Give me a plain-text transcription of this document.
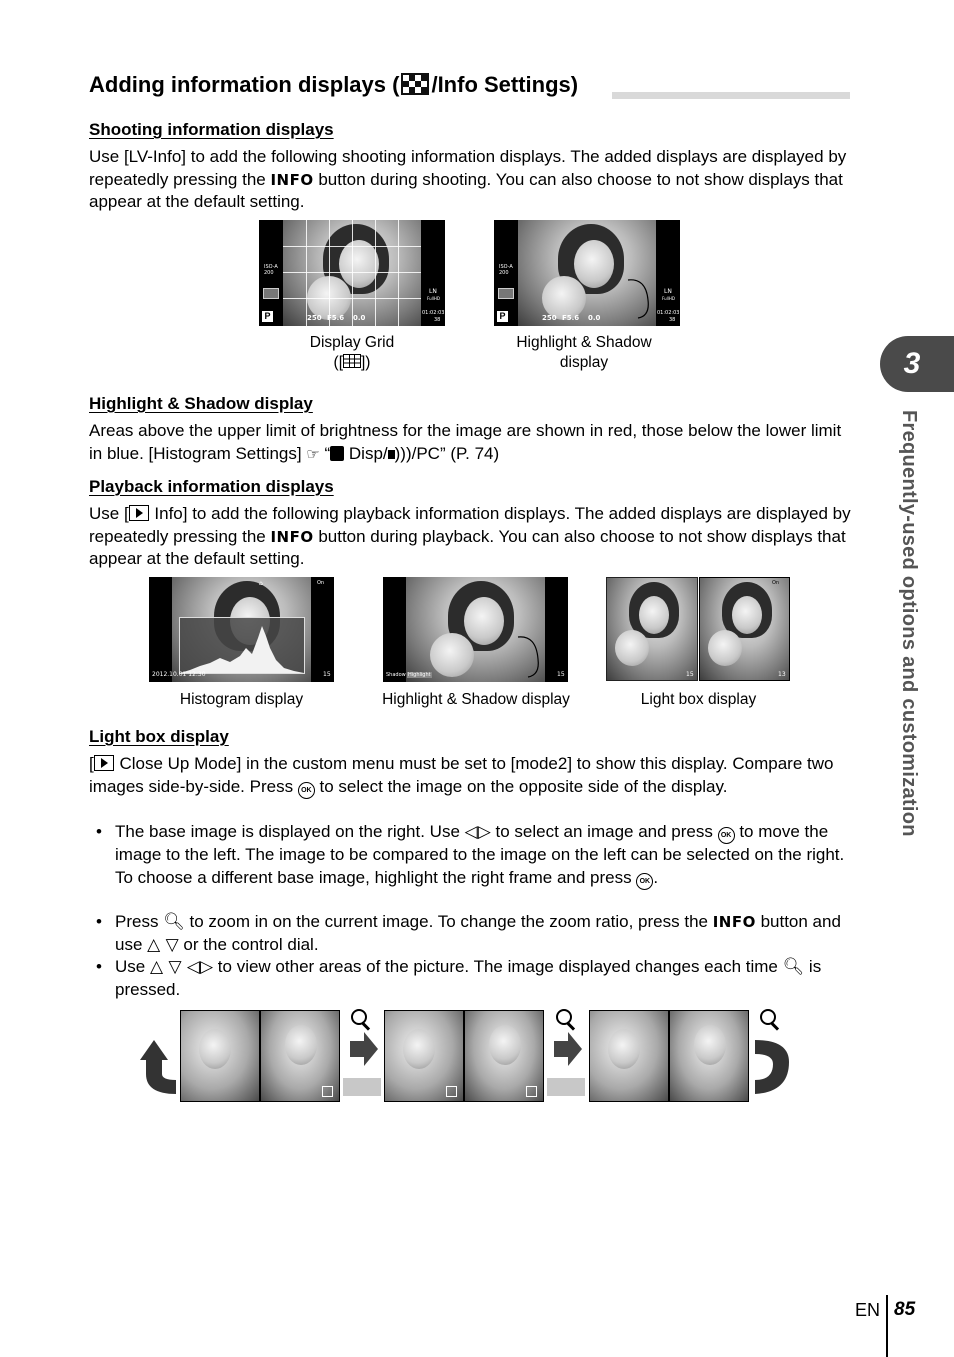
Adding information displays ( /Info Settings)
3
Frequently-used options and customization
Shooting information displays
Use [LV-Info] to add the following shooting information displays. The added displays are displayed by repeatedly pressing the INFO button during shooting. You can also choose to not show displays that appear at the default setting.
ISO-A
200
P	250 F5.6 0.0
LN
FullHD
01:02:03
38
ISO-A
200
P	250 F5.6 0.0
LN
FullHD
01:02:03
38
Display Grid
([ ])
Highlight & Shadow
display
Highlight & Shadow display
Areas above the upper limit of brightness for the image are shown in red, those below the lower limit in blue. [Histogram Settings] ☞ “ Disp/ )))/PC” (P. 74)
Playback information displays
Use [ Info] to add the following playback information displays. The added displays are displayed by repeatedly pressing the INFO button during playback. You can also choose to not show displays that appear at the default setting.
⌂	On
2012.10.01 12:30	15	Shadow Highlight	15
On
15	13
Histogram display	Highlight & Shadow display	Light box display
Light box display
[ Close Up Mode] in the custom menu must be set to [mode2] to show this display. Compare two images side-by-side. Press OK to select the image on the opposite side of the display.
• The base image is displayed on the right. Use ◁▷ to select an image and press OK to move the image to the left. The image to be compared to the image on the left can be selected on the right. To choose a different base image, highlight the right frame and press OK .
• Press 🔍︎ to zoom in on the current image. To change the zoom ratio, press the INFO button and use △ ▽ or the control dial.
• Use △ ▽ ◁▷ to view other areas of the picture. The image displayed changes each time 🔍︎ is pressed.
EN 85
